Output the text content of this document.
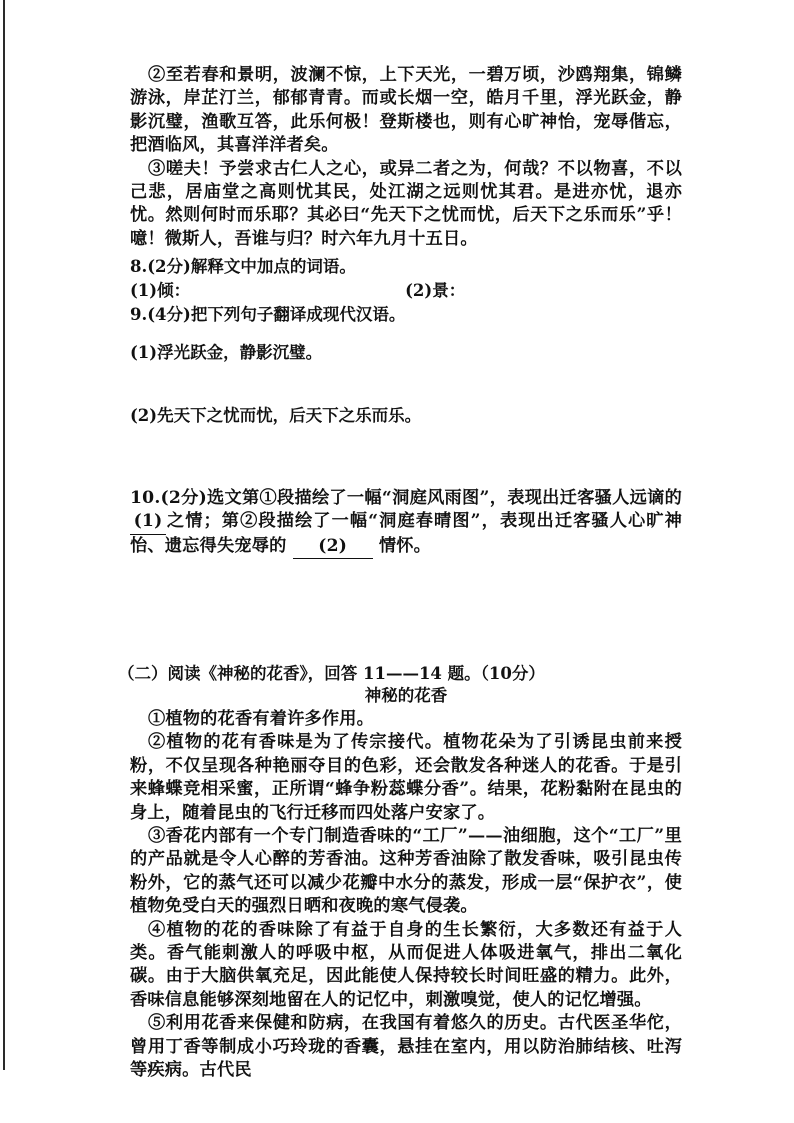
②至若春和景明，波澜不惊，上下天光，一碧万顷，沙鸥翔集，锦鳞游泳，岸芷汀兰，郁郁青青。而或长烟一空，皓月千里，浮光跃金，静影沉璧，渔歌互答，此乐何极！登斯楼也，则有心旷神怡，宠辱偕忘，把酒临风，其喜洋洋者矣。

③嗟夫！予尝求古仁人之心，或异二者之为，何哉？不以物喜，不以己悲，居庙堂之高则忧其民，处江湖之远则忧其君。是进亦忧，退亦忧。然则何时而乐耶？其必曰“先天下之忧而忧，后天下之乐而乐”乎！噫！微斯人，吾谁与归？时六年九月十五日。

8.(2分)解释文中加点的词语。

(1)倾：	(2)景：

9.(4分)把下列句子翻译成现代汉语。

(1)浮光跃金，静影沉璧。

(2)先天下之忧而忧，后天下之乐而乐。

10.(2分)选文第①段描绘了一幅“洞庭风雨图”，表现出迁客骚人远谪的(1) 之情；第②段描绘了一幅“洞庭春晴图”，表现出迁客骚人心旷神怡、遗忘得失宠辱的 (2) 情怀。

（二）阅读《神秘的花香》，回答 11——14 题。（10分）

神秘的花香

①植物的花香有着许多作用。

②植物的花有香味是为了传宗接代。植物花朵为了引诱昆虫前来授粉，不仅呈现各种艳丽夺目的色彩，还会散发各种迷人的花香。于是引来蜂蝶竞相采蜜，正所谓“蜂争粉蕊蝶分香”。结果，花粉黏附在昆虫的身上，随着昆虫的飞行迁移而四处落户安家了。

③香花内部有一个专门制造香味的“工厂”——油细胞，这个“工厂”里的产品就是令人心醉的芳香油。这种芳香油除了散发香味，吸引昆虫传粉外，它的蒸气还可以减少花瓣中水分的蒸发，形成一层“保护衣”，使植物免受白天的强烈日晒和夜晚的寒气侵袭。

④植物的花的香味除了有益于自身的生长繁衍，大多数还有益于人类。香气能刺激人的呼吸中枢，从而促进人体吸进氧气，排出二氧化碳。由于大脑供氧充足，因此能使人保持较长时间旺盛的精力。此外，香味信息能够深刻地留在人的记忆中，刺激嗅觉，使人的记忆增强。

⑤利用花香来保健和防病，在我国有着悠久的历史。古代医圣华佗，曾用丁香等制成小巧玲珑的香囊，悬挂在室内，用以防治肺结核、吐泻等疾病。古代民
